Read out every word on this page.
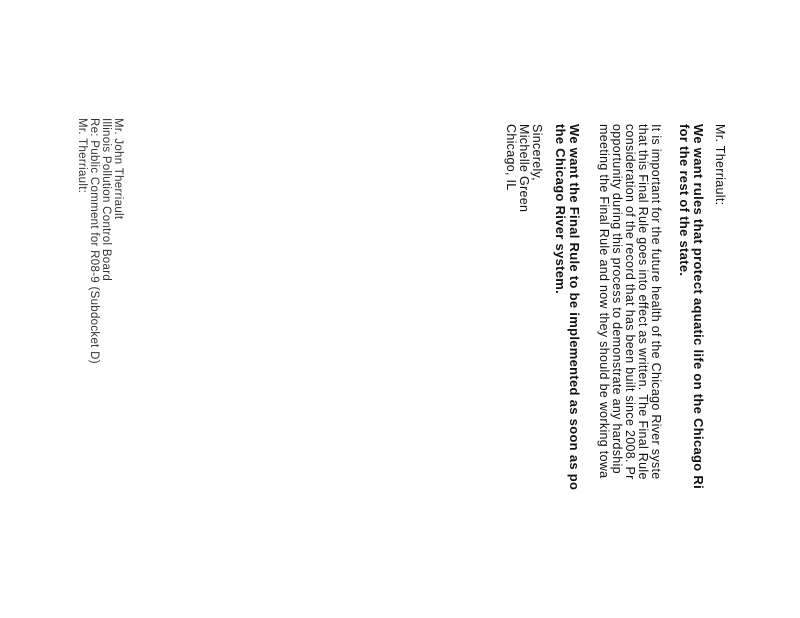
Mr. Therriault:
We want rules that protect aquatic life on the Chicago Ri
for the rest of the state.
It is important for the future health of the Chicago River syste
that this Final Rule goes into effect as written. The Final Rule
consideration of the record that has been built since 2008. Pr
opportunity during this process to demonstrate any hardship
meeting the Final Rule and now they should be working towa
We want the Final Rule to be implemented as soon as po
the Chicago River system.
Sincerely,
Michelle Green
Chicago, IL
Mr. John Therriault
Illinois Pollution Control Board
Re: Public Comment for R08-9 (Subdocket D)
Mr. Therriault:
